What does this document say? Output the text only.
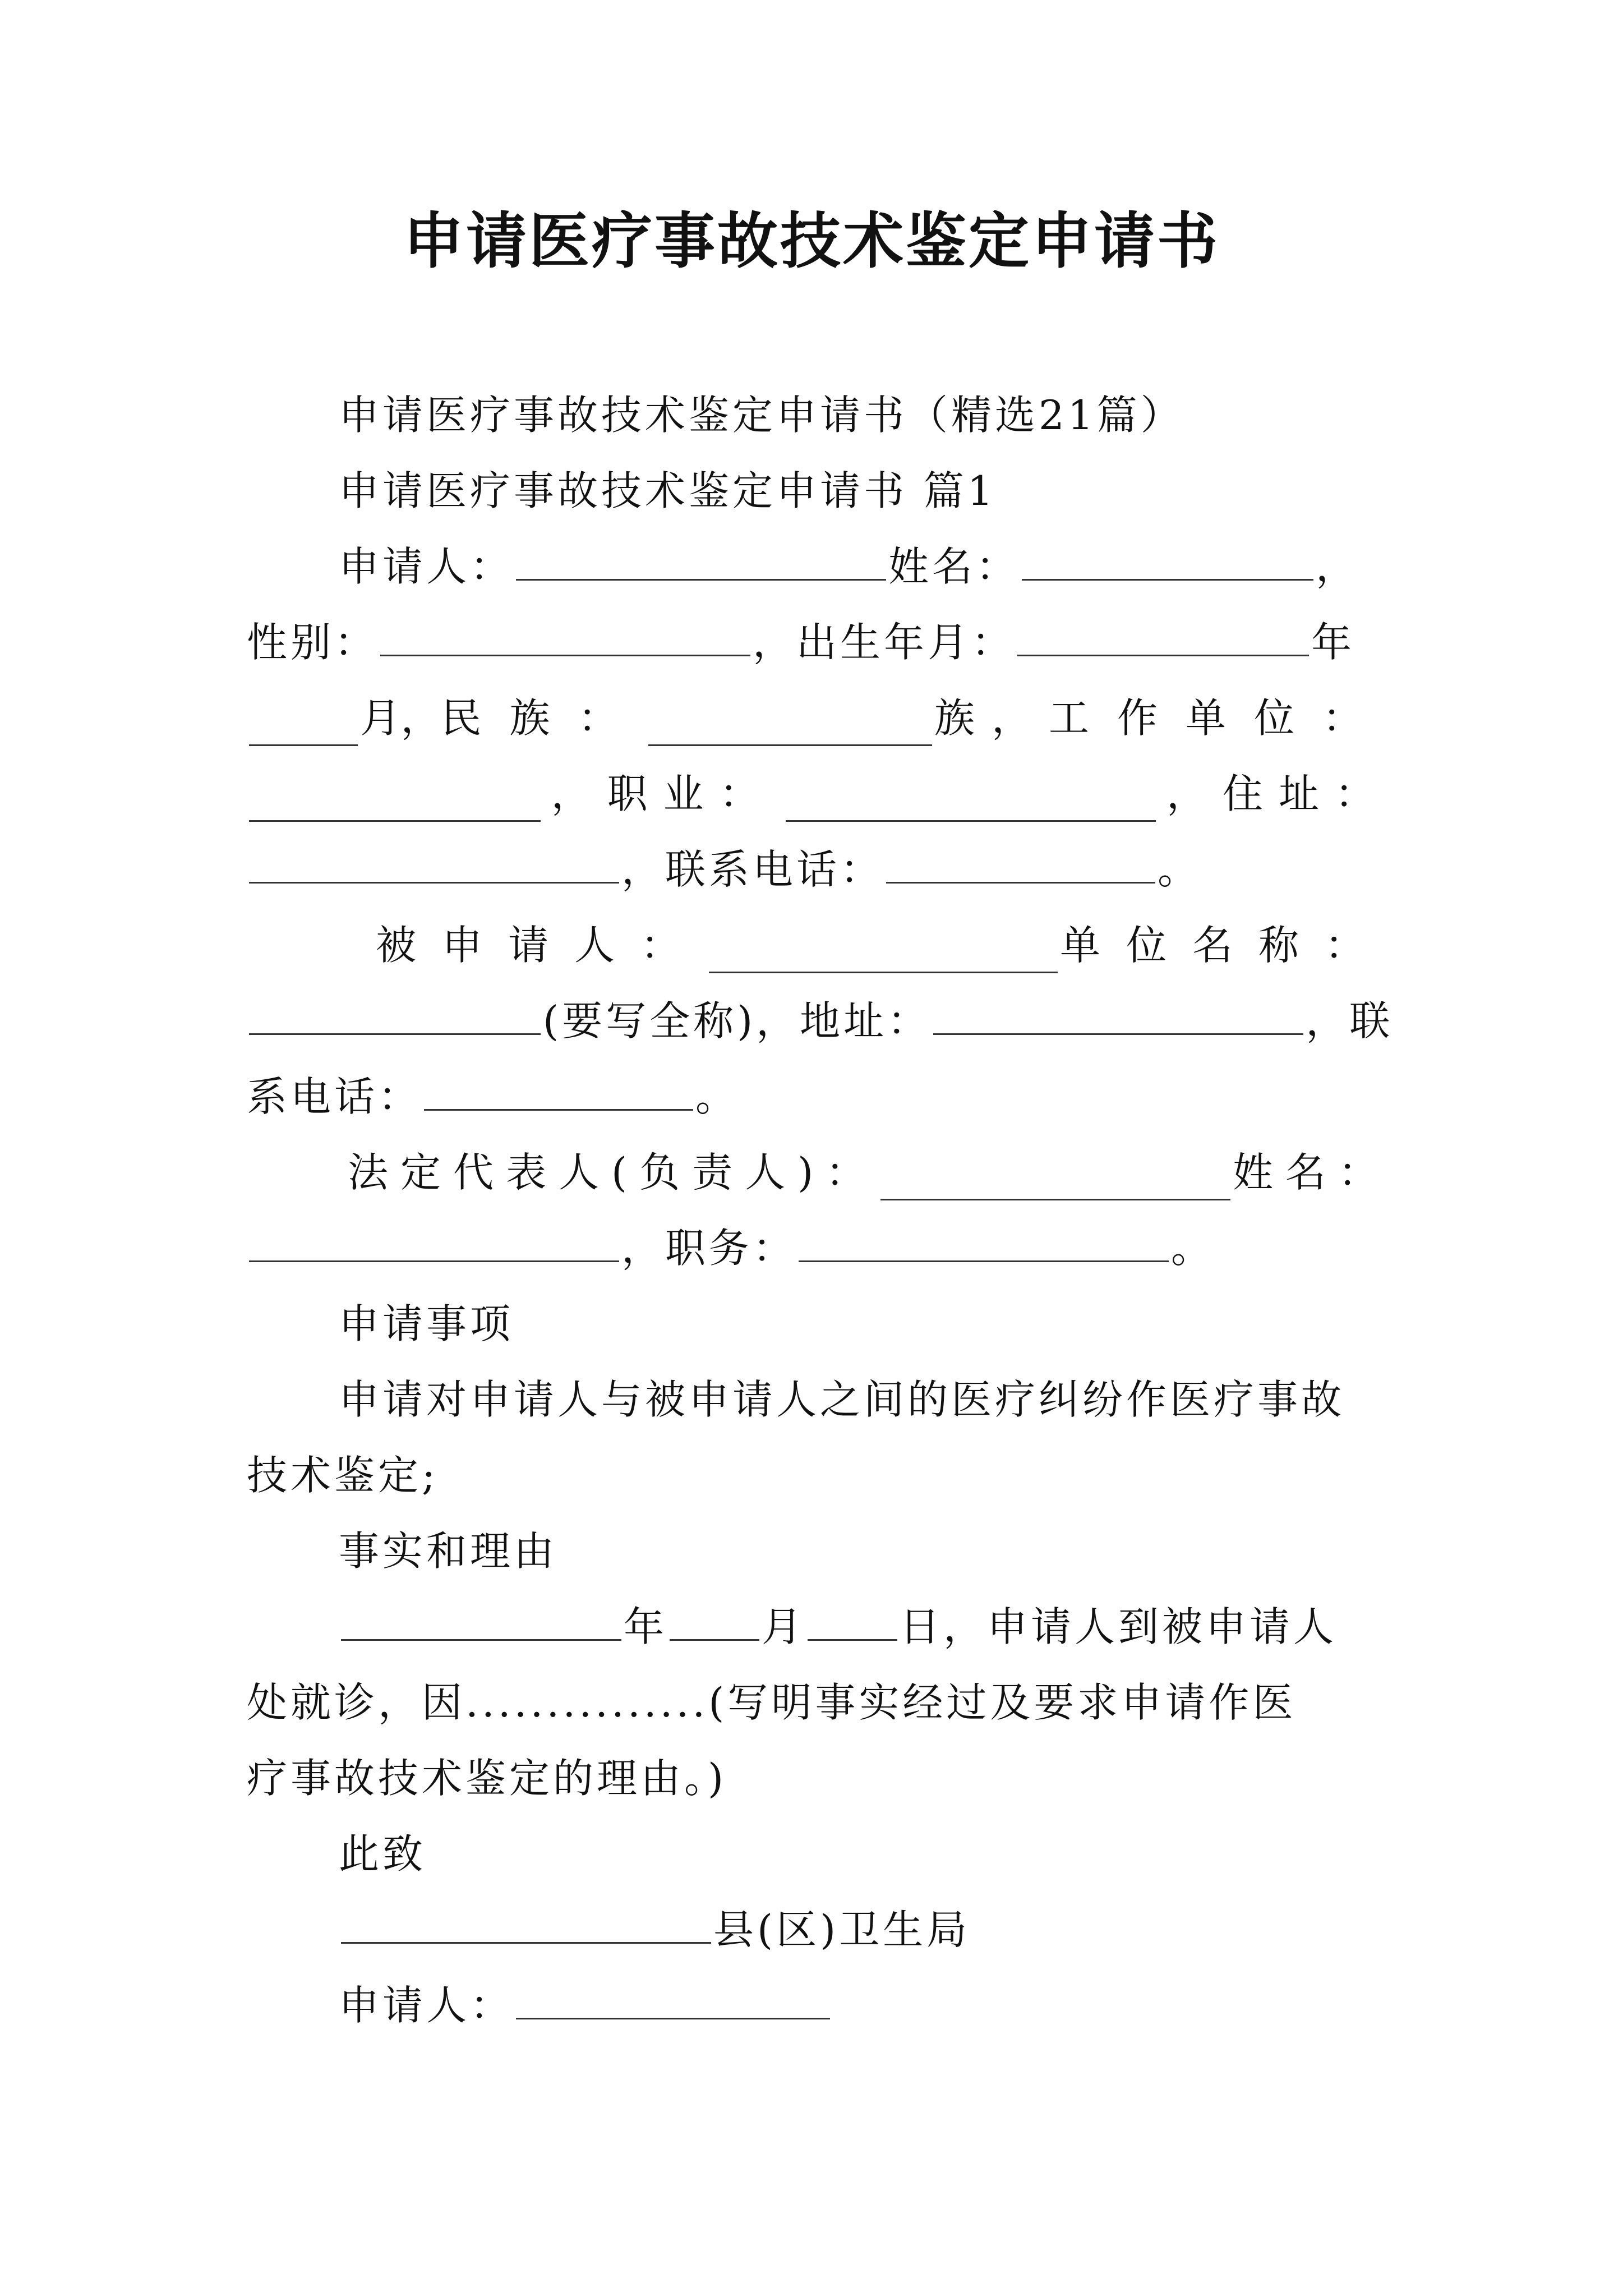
申请医疗事故技术鉴定申请书
申请医疗事故技术鉴定申请书（精选21篇）
申请医疗事故技术鉴定申请书 篇1
申请人：	姓名：	，
性别：	，出生年月：	年
月 ， 民族：	族， 工作单位：
，职业：	，住址：
，联系电话：	。
被申请人：	单位名称：
(要写全称)，地址：	，联
系电话：	。
法定代表人(负责人)：	姓名：
，职务：	。
申请事项
申请对申请人与被申请人之间的医疗纠纷作医疗事故
技术鉴定;
事实和理由
年 月 日，申请人到被申请人
处就诊，因...............(写明事实经过及要求申请作医
疗事故技术鉴定的理由。)
此致
县(区)卫生局
申请人：
